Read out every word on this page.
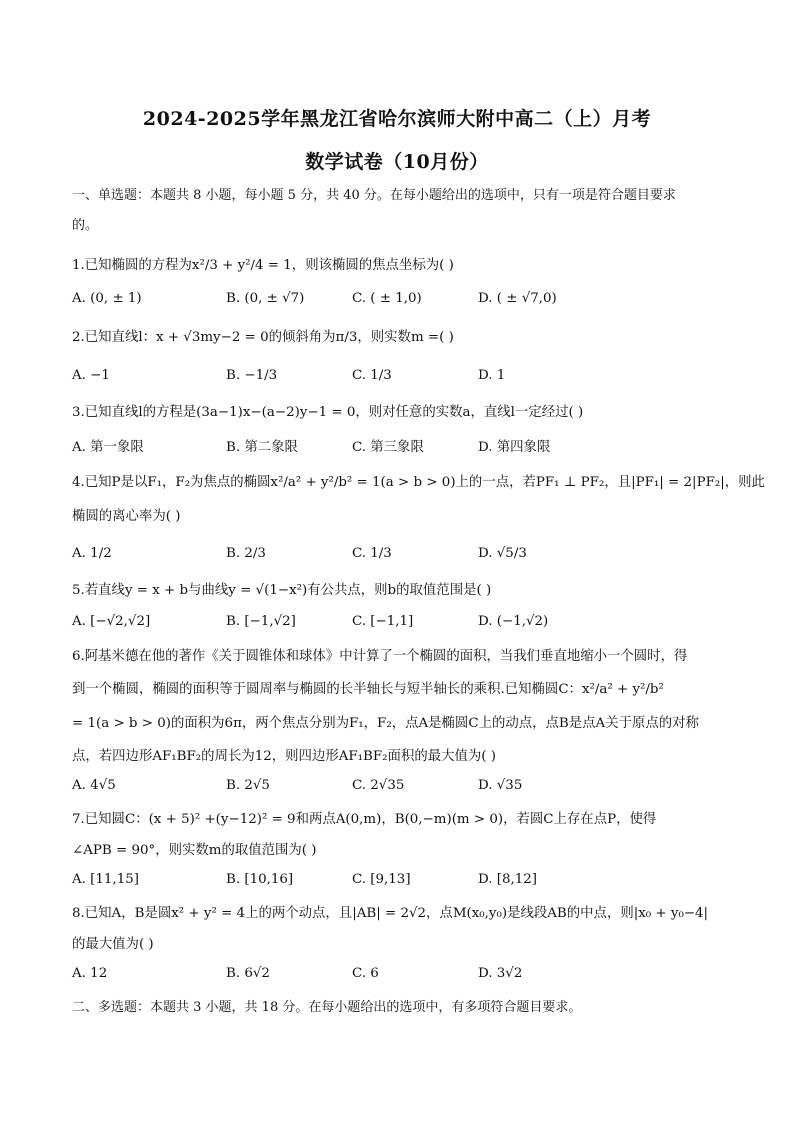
2024-2025学年黑龙江省哈尔滨师大附中高二（上）月考
数学试卷（10月份）
一、单选题：本题共 8 小题，每小题 5 分，共 40 分。在每小题给出的选项中，只有一项是符合题目要求
的。
1.已知椭圆的方程为x²/3 + y²/4 = 1，则该椭圆的焦点坐标为( )
A. (0, ± 1)	B. (0, ± √7)	C. ( ± 1,0)	D. ( ± √7,0)
2.已知直线l：x + √3my−2 = 0的倾斜角为π/3，则实数m =( )
A. −1	B. −1/3	C. 1/3	D. 1
3.已知直线l的方程是(3a−1)x−(a−2)y−1 = 0，则对任意的实数a，直线l一定经过( )
A. 第一象限	B. 第二象限	C. 第三象限	D. 第四象限
4.已知P是以F₁，F₂为焦点的椭圆x²/a² + y²/b² = 1(a > b > 0)上的一点，若PF₁ ⊥ PF₂，且|PF₁| = 2|PF₂|，则此
椭圆的离心率为( )
A. 1/2	B. 2/3	C. 1/3	D. √5/3
5.若直线y = x + b与曲线y = √(1−x²)有公共点，则b的取值范围是( )
A. [−√2,√2]	B. [−1,√2]	C. [−1,1]	D. (−1,√2)
6.阿基米德在他的著作《关于圆锥体和球体》中计算了一个椭圆的面积，当我们垂直地缩小一个圆时，得
到一个椭圆，椭圆的面积等于圆周率与椭圆的长半轴长与短半轴长的乘积.已知椭圆C：x²/a² + y²/b²
= 1(a > b > 0)的面积为6π，两个焦点分别为F₁，F₂，点A是椭圆C上的动点，点B是点A关于原点的对称
点，若四边形AF₁BF₂的周长为12，则四边形AF₁BF₂面积的最大值为( )
A. 4√5	B. 2√5	C. 2√35	D. √35
7.已知圆C：(x + 5)² +(y−12)² = 9和两点A(0,m)，B(0,−m)(m > 0)，若圆C上存在点P，使得
∠APB = 90°，则实数m的取值范围为( )
A. [11,15]	B. [10,16]	C. [9,13]	D. [8,12]
8.已知A，B是圆x² + y² = 4上的两个动点，且|AB| = 2√2，点M(x₀,y₀)是线段AB的中点，则|x₀ + y₀−4|
的最大值为( )
A. 12	B. 6√2	C. 6	D. 3√2
二、多选题：本题共 3 小题，共 18 分。在每小题给出的选项中，有多项符合题目要求。
